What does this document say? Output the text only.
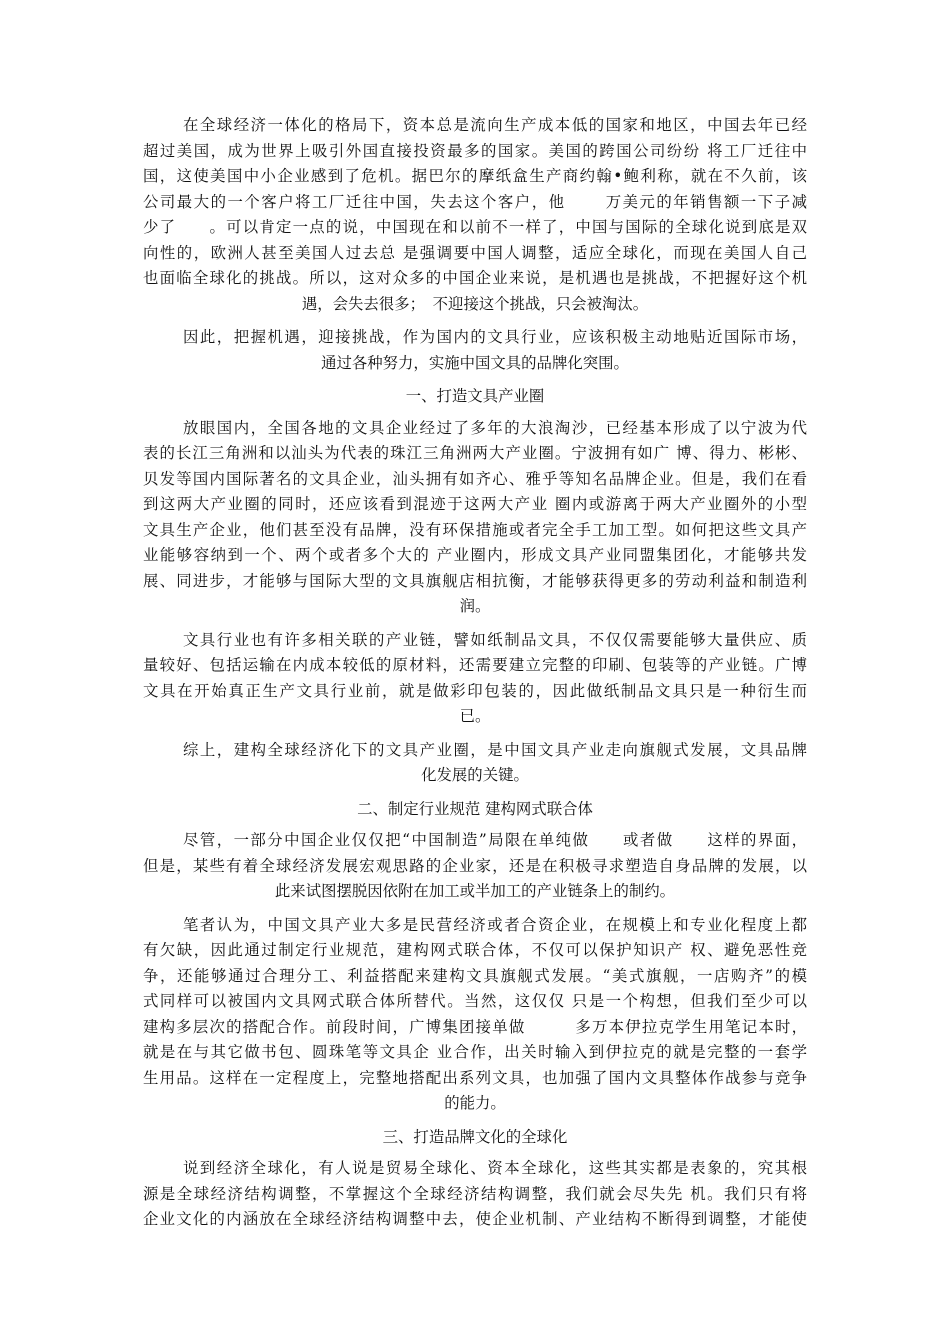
在全球经济一体化的格局下，资本总是流向生产成本低的国家和地区，中国去年已经
超过美国，成为世界上吸引外国直接投资最多的国家。美国的跨国公司纷纷 将工厂迁往中
国，这使美国中小企业感到了危机。据巴尔的摩纸盒生产商约翰•鲍利称，就在不久前，该
公司最大的一个客户将工厂迁往中国，失去这个客户，他　　 万美元的年销售额一下子减
少了　　。可以肯定一点的说，中国现在和以前不一样了，中国与国际的全球化说到底是双
向性的，欧洲人甚至美国人过去总 是强调要中国人调整，适应全球化，而现在美国人自己
也面临全球化的挑战。所以，这对众多的中国企业来说，是机遇也是挑战，不把握好这个机
遇，会失去很多；　不迎接这个挑战，只会被淘汰。
因此，把握机遇，迎接挑战，作为国内的文具行业，应该积极主动地贴近国际市场，
通过各种努力，实施中国文具的品牌化突围。
一、打造文具产业圈
放眼国内，全国各地的文具企业经过了多年的大浪淘沙，已经基本形成了以宁波为代
表的长江三角洲和以汕头为代表的珠江三角洲两大产业圈。宁波拥有如广 博、得力、彬彬、
贝发等国内国际著名的文具企业，汕头拥有如齐心、雅乎等知名品牌企业。但是，我们在看
到这两大产业圈的同时，还应该看到混迹于这两大产业 圈内或游离于两大产业圈外的小型
文具生产企业，他们甚至没有品牌，没有环保措施或者完全手工加工型。如何把这些文具产
业能够容纳到一个、两个或者多个大的 产业圈内，形成文具产业同盟集团化，才能够共发
展、同进步，才能够与国际大型的文具旗舰店相抗衡，才能够获得更多的劳动利益和制造利
润。
文具行业也有许多相关联的产业链，譬如纸制品文具，不仅仅需要能够大量供应、质
量较好、包括运输在内成本较低的原材料，还需要建立完整的印刷、包装等的产业链。广博
文具在开始真正生产文具行业前，就是做彩印包装的，因此做纸制品文具只是一种衍生而
已。
综上，建构全球经济化下的文具产业圈，是中国文具产业走向旗舰式发展，文具品牌
化发展的关键。
二、制定行业规范 建构网式联合体
尽管，一部分中国企业仅仅把“中国制造”局限在单纯做　　或者做　　这样的界面，
但是，某些有着全球经济发展宏观思路的企业家，还是在积极寻求塑造自身品牌的发展，以
此来试图摆脱因依附在加工或半加工的产业链条上的制约。
笔者认为，中国文具产业大多是民营经济或者合资企业，在规模上和专业化程度上都
有欠缺，因此通过制定行业规范，建构网式联合体，不仅可以保护知识产 权、避免恶性竞
争，还能够通过合理分工、利益搭配来建构文具旗舰式发展。“美式旗舰，一店购齐”的模
式同样可以被国内文具网式联合体所替代。当然，这仅仅 只是一个构想，但我们至少可以
建构多层次的搭配合作。前段时间，广博集团接单做　　　多万本伊拉克学生用笔记本时，
就是在与其它做书包、圆珠笔等文具企 业合作，出关时输入到伊拉克的就是完整的一套学
生用品。这样在一定程度上，完整地搭配出系列文具，也加强了国内文具整体作战参与竞争
的能力。
三、打造品牌文化的全球化
说到经济全球化，有人说是贸易全球化、资本全球化，这些其实都是表象的，究其根
源是全球经济结构调整，不掌握这个全球经济结构调整，我们就会尽失先 机。我们只有将
企业文化的内涵放在全球经济结构调整中去，使企业机制、产业结构不断得到调整，才能使
